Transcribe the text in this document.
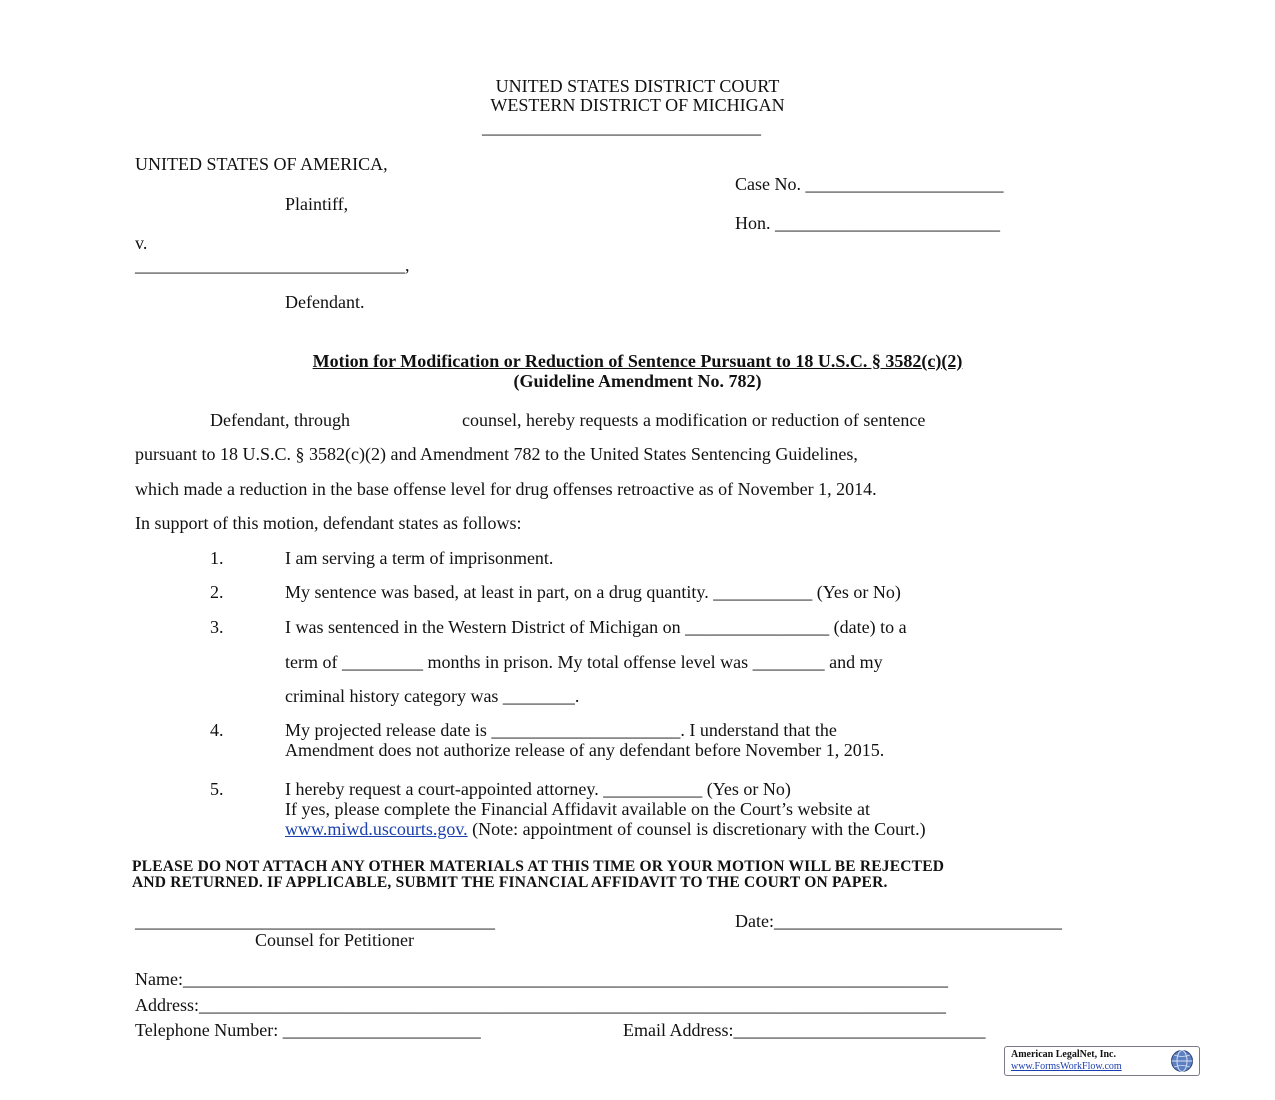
UNITED STATES DISTRICT COURT
WESTERN DISTRICT OF MICHIGAN
_______________________________
UNITED STATES OF AMERICA,
Case No. ______________________
Plaintiff,
Hon. _________________________
v.
______________________________,
Defendant.
Motion for Modification or Reduction of Sentence Pursuant to 18 U.S.C. § 3582(c)(2)
(Guideline Amendment No. 782)
Defendant, through	counsel, hereby requests a modification or reduction of sentence
pursuant to 18 U.S.C. § 3582(c)(2) and Amendment 782 to the United States Sentencing Guidelines,
which made a reduction in the base offense level for drug offenses retroactive as of November 1, 2014.
In support of this motion, defendant states as follows:
1.	I am serving a term of imprisonment.
2.	My sentence was based, at least in part, on a drug quantity. ___________ (Yes or No)
3.	I was sentenced in the Western District of Michigan on ________________ (date) to a
term of _________ months in prison. My total offense level was ________ and my
criminal history category was ________.
4.	My projected release date is _____________________. I understand that the
Amendment does not authorize release of any defendant before November 1, 2015.
5.	I hereby request a court-appointed attorney. ___________ (Yes or No)
If yes, please complete the Financial Affidavit available on the Court’s website at
www.miwd.uscourts.gov. (Note: appointment of counsel is discretionary with the Court.)
PLEASE DO NOT ATTACH ANY OTHER MATERIALS AT THIS TIME OR YOUR MOTION WILL BE REJECTED
AND RETURNED. IF APPLICABLE, SUBMIT THE FINANCIAL AFFIDAVIT TO THE COURT ON PAPER.
________________________________________	Date:________________________________
Counsel for Petitioner
Name:_____________________________________________________________________________________
Address:___________________________________________________________________________________
Telephone Number: ______________________	Email Address:____________________________
American LegalNet, Inc.
www.FormsWorkFlow.com
